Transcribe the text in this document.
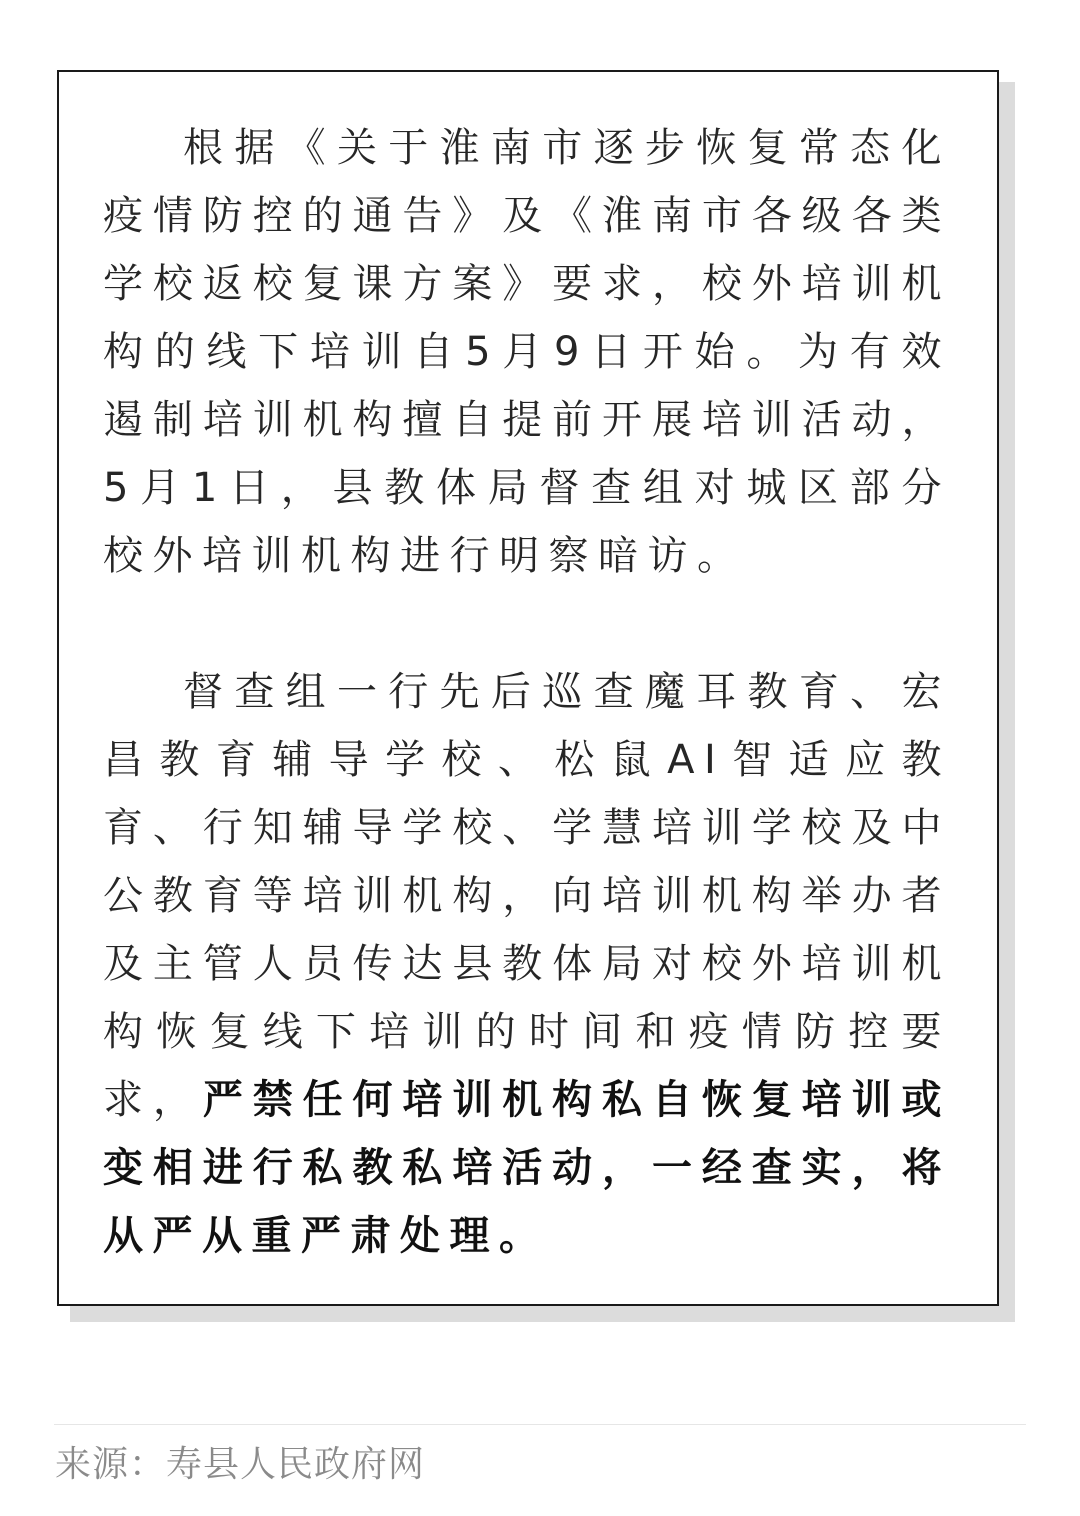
根据《关于淮南市逐步恢复常态化疫情防控的通告》及《淮南市各级各类学校返校复课方案》要求，校外培训机构的线下培训自5月9日开始。为有效遏制培训机构擅自提前开展培训活动，5月1日，县教体局督查组对城区部分校外培训机构进行明察暗访。

督查组一行先后巡查魔耳教育、宏昌教育辅导学校、松鼠AI智适应教育、行知辅导学校、学慧培训学校及中公教育等培训机构，向培训机构举办者及主管人员传达县教体局对校外培训机构恢复线下培训的时间和疫情防控要求，严禁任何培训机构私自恢复培训或变相进行私教私培活动，一经查实，将从严从重严肃处理。

来源：寿县人民政府网
